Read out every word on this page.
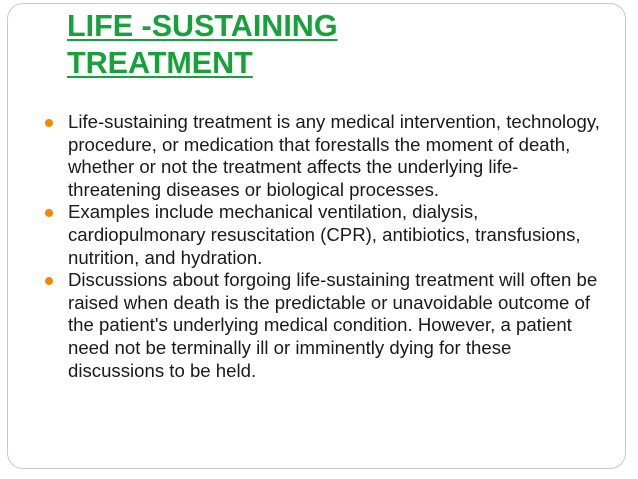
LIFE -SUSTAINING
TREATMENT
Life-sustaining treatment is any medical intervention, technology, procedure, or medication that forestalls the moment of death, whether or not the treatment affects the underlying life-threatening diseases or biological processes.
Examples include mechanical ventilation, dialysis, cardiopulmonary resuscitation (CPR), antibiotics, transfusions, nutrition, and hydration.
Discussions about forgoing life-sustaining treatment will often be raised when death is the predictable or unavoidable outcome of the patient's underlying medical condition. However, a patient need not be terminally ill or imminently dying for these discussions to be held.
